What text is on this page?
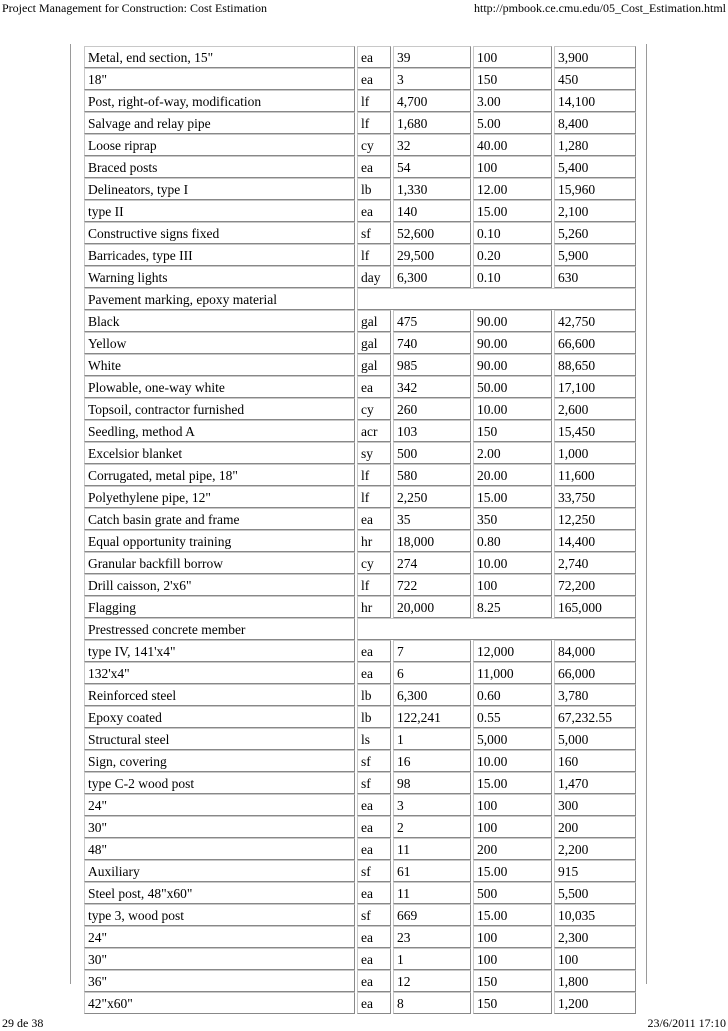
Project Management for Construction: Cost Estimation	http://pmbook.ce.cmu.edu/05_Cost_Estimation.html
Metal, end section, 15"	ea	39	100	3,900
18"	ea	3	150	450
Post, right-of-way, modification	lf	4,700	3.00	14,100
Salvage and relay pipe	lf	1,680	5.00	8,400
Loose riprap	cy	32	40.00	1,280
Braced posts	ea	54	100	5,400
Delineators, type I	lb	1,330	12.00	15,960
type II	ea	140	15.00	2,100
Constructive signs fixed	sf	52,600	0.10	5,260
Barricades, type III	lf	29,500	0.20	5,900
Warning lights	day	6,300	0.10	630
Pavement marking, epoxy material				
Black	gal	475	90.00	42,750
Yellow	gal	740	90.00	66,600
White	gal	985	90.00	88,650
Plowable, one-way white	ea	342	50.00	17,100
Topsoil, contractor furnished	cy	260	10.00	2,600
Seedling, method A	acr	103	150	15,450
Excelsior blanket	sy	500	2.00	1,000
Corrugated, metal pipe, 18"	lf	580	20.00	11,600
Polyethylene pipe, 12"	lf	2,250	15.00	33,750
Catch basin grate and frame	ea	35	350	12,250
Equal opportunity training	hr	18,000	0.80	14,400
Granular backfill borrow	cy	274	10.00	2,740
Drill caisson, 2'x6"	lf	722	100	72,200
Flagging	hr	20,000	8.25	165,000
Prestressed concrete member				
type IV, 141'x4"	ea	7	12,000	84,000
132'x4"	ea	6	11,000	66,000
Reinforced steel	lb	6,300	0.60	3,780
Epoxy coated	lb	122,241	0.55	67,232.55
Structural steel	ls	1	5,000	5,000
Sign, covering	sf	16	10.00	160
type C-2 wood post	sf	98	15.00	1,470
24"	ea	3	100	300
30"	ea	2	100	200
48"	ea	11	200	2,200
Auxiliary	sf	61	15.00	915
Steel post, 48"x60"	ea	11	500	5,500
type 3, wood post	sf	669	15.00	10,035
24"	ea	23	100	2,300
30"	ea	1	100	100
36"	ea	12	150	1,800
42"x60"	ea	8	150	1,200
29 de 38	23/6/2011 17:10
